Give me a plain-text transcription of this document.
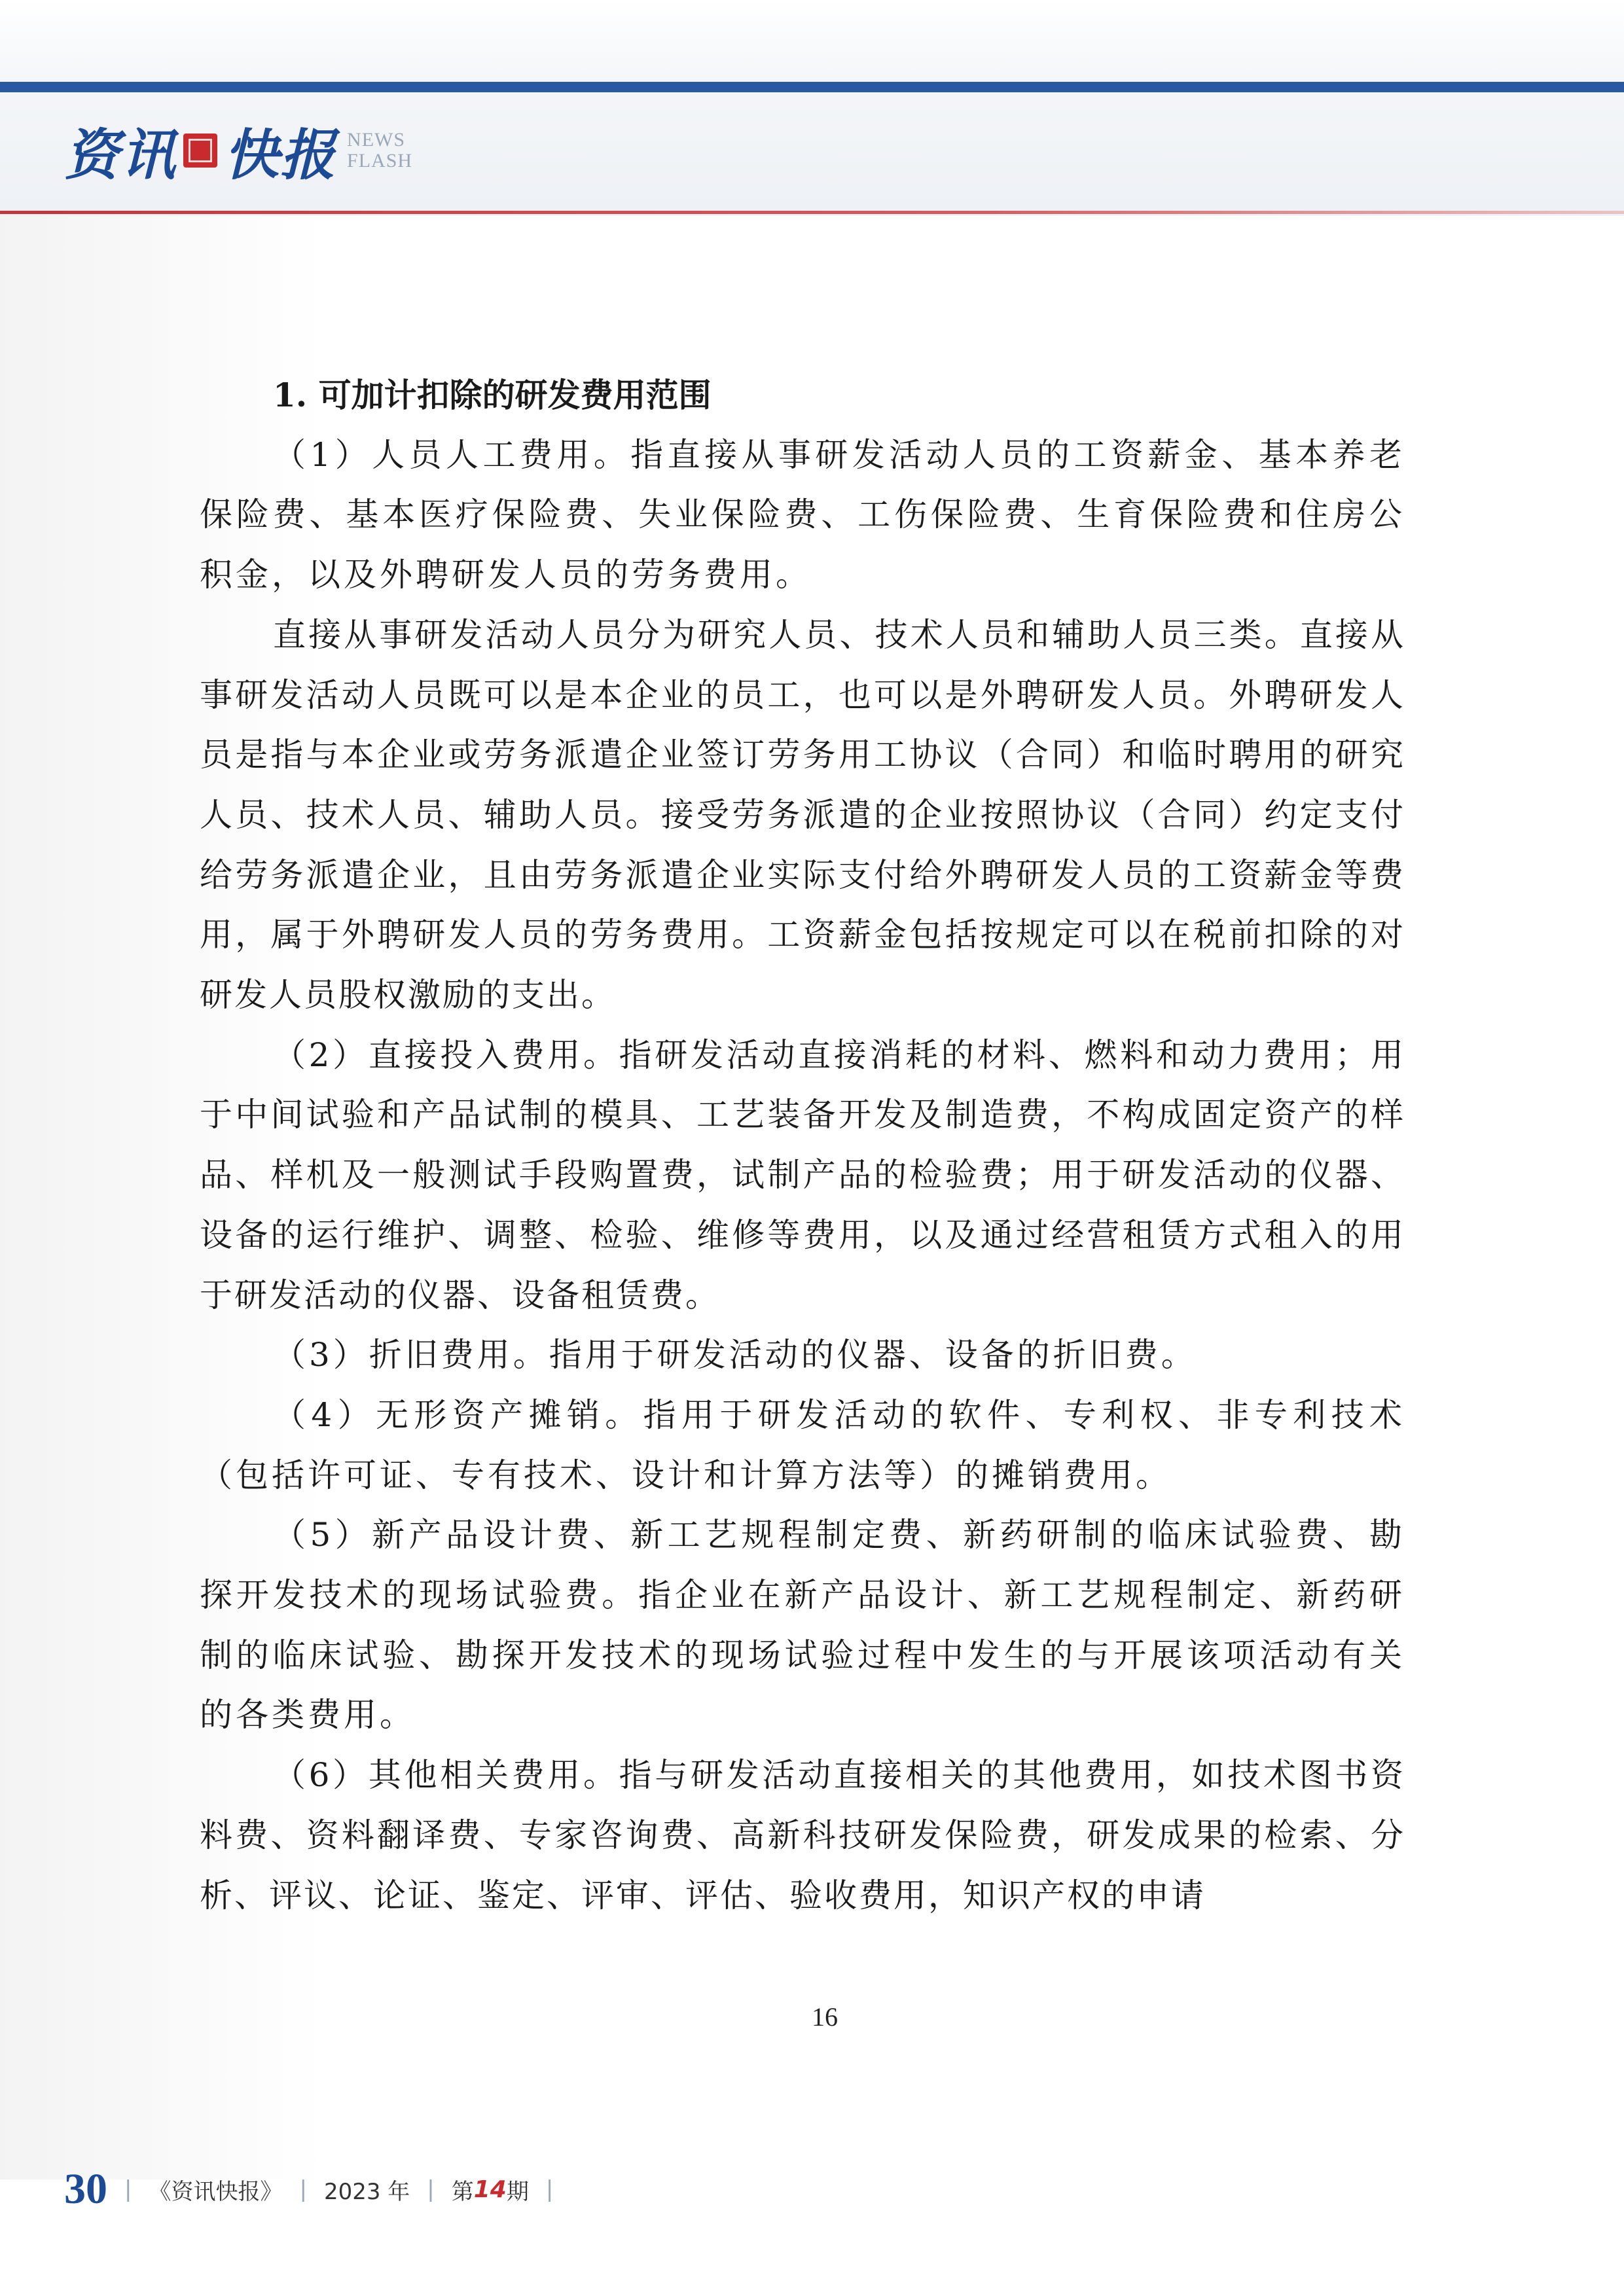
资讯 快报 NEWS
FLASH

1. 可加计扣除的研发费用范围

（1）人员人工费用。指直接从事研发活动人员的工资薪金、基本养老保险费、基本医疗保险费、失业保险费、工伤保险费、生育保险费和住房公积金，以及外聘研发人员的劳务费用。

直接从事研发活动人员分为研究人员、技术人员和辅助人员三类。直接从事研发活动人员既可以是本企业的员工，也可以是外聘研发人员。外聘研发人员是指与本企业或劳务派遣企业签订劳务用工协议（合同）和临时聘用的研究人员、技术人员、辅助人员。接受劳务派遣的企业按照协议（合同）约定支付给劳务派遣企业，且由劳务派遣企业实际支付给外聘研发人员的工资薪金等费用，属于外聘研发人员的劳务费用。工资薪金包括按规定可以在税前扣除的对研发人员股权激励的支出。

（2）直接投入费用。指研发活动直接消耗的材料、燃料和动力费用；用于中间试验和产品试制的模具、工艺装备开发及制造费，不构成固定资产的样品、样机及一般测试手段购置费，试制产品的检验费；用于研发活动的仪器、设备的运行维护、调整、检验、维修等费用，以及通过经营租赁方式租入的用于研发活动的仪器、设备租赁费。

（3）折旧费用。指用于研发活动的仪器、设备的折旧费。

（4）无形资产摊销。指用于研发活动的软件、专利权、非专利技术（包括许可证、专有技术、设计和计算方法等）的摊销费用。

（5）新产品设计费、新工艺规程制定费、新药研制的临床试验费、勘探开发技术的现场试验费。指企业在新产品设计、新工艺规程制定、新药研制的临床试验、勘探开发技术的现场试验过程中发生的与开展该项活动有关的各类费用。

（6）其他相关费用。指与研发活动直接相关的其他费用，如技术图书资料费、资料翻译费、专家咨询费、高新科技研发保险费，研发成果的检索、分析、评议、论证、鉴定、评审、评估、验收费用，知识产权的申请

16
30 | 《资讯快报》 | 2023 年 | 第 14 期 |
